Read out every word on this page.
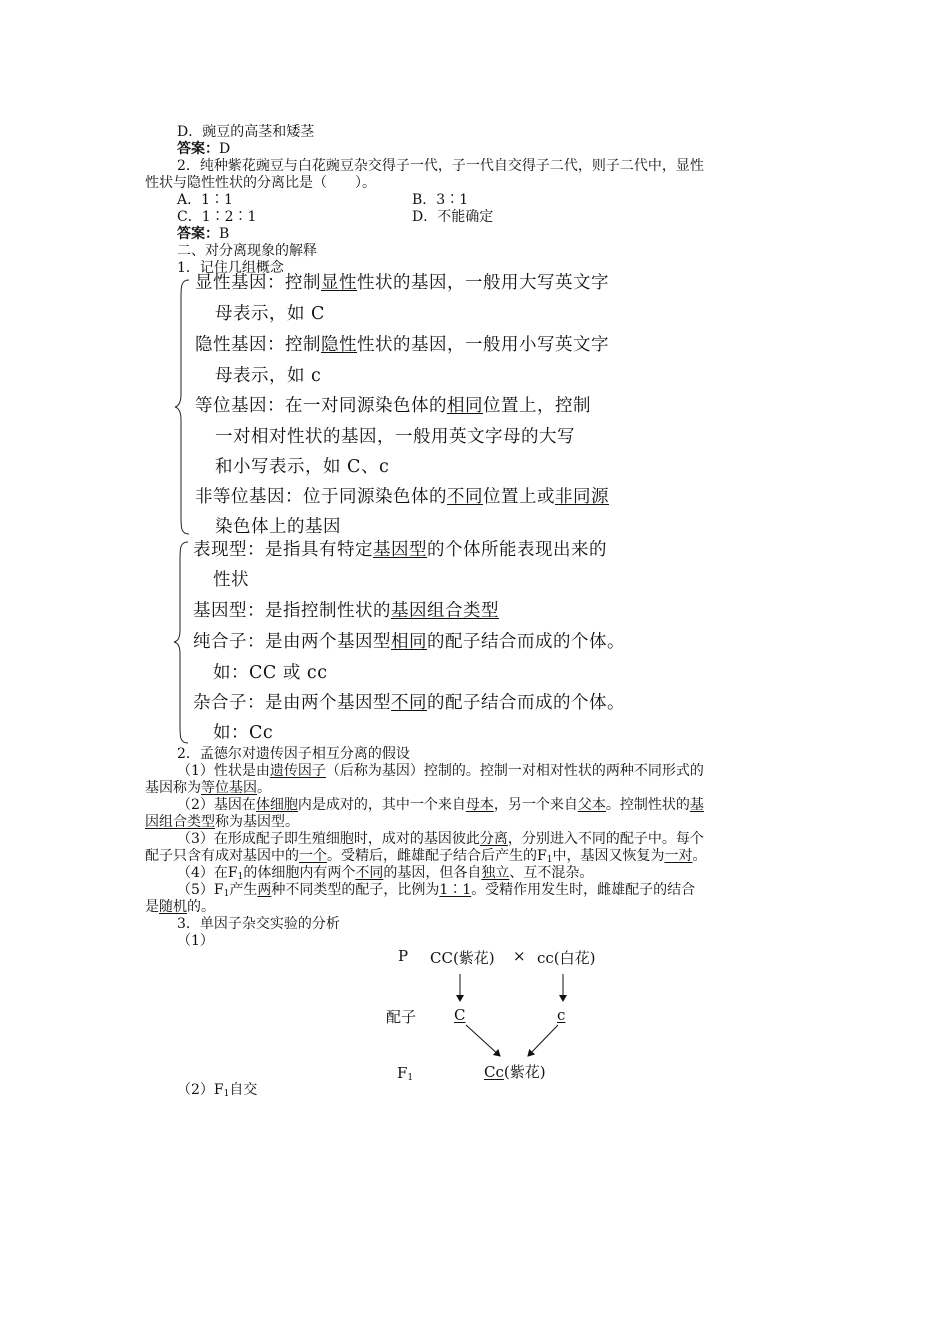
D．豌豆的高茎和矮茎
答案：D
2．纯种紫花豌豆与白花豌豆杂交得子一代，子一代自交得子二代，则子二代中，显性
性状与隐性性状的分离比是（　　）。
A．1∶1	B．3∶1
C．1∶2∶1	D．不能确定
答案：B
二、对分离现象的解释
1．记住几组概念
显性基因：控制显性性状的基因，一般用大写英文字
母表示，如 C
隐性基因：控制隐性性状的基因，一般用小写英文字
母表示，如 c
等位基因：在一对同源染色体的相同位置上，控制
一对相对性状的基因，一般用英文字母的大写
和小写表示，如 C、c
非等位基因：位于同源染色体的不同位置上或非同源
染色体上的基因
表现型：是指具有特定基因型的个体所能表现出来的
性状
基因型：是指控制性状的基因组合类型
纯合子：是由两个基因型相同的配子结合而成的个体。
如：CC 或 cc
杂合子：是由两个基因型不同的配子结合而成的个体。
如：Cc
2．孟德尔对遗传因子相互分离的假设
（1）性状是由遗传因子（后称为基因）控制的。控制一对相对性状的两种不同形式的
基因称为等位基因。
（2）基因在体细胞内是成对的，其中一个来自母本，另一个来自父本。控制性状的基
因组合类型称为基因型。
（3）在形成配子即生殖细胞时，成对的基因彼此分离，分别进入不同的配子中。每个
配子只含有成对基因中的一个。受精后，雌雄配子结合后产生的$F_1$中，基因又恢复为一对。
（4）在$F_1$的体细胞内有两个不同的基因，但各自独立、互不混杂。
$(5)F_1$产生两种不同类型的配子，比例为1∶1。受精作用发生时，雌雄配子的结合
是随机的。
3．单因子杂交实验的分析
（1）
P CC(紫花) × cc(白花)
配子	C	c
$F_1$	Cc(紫花)
$(2)F_1$自交
